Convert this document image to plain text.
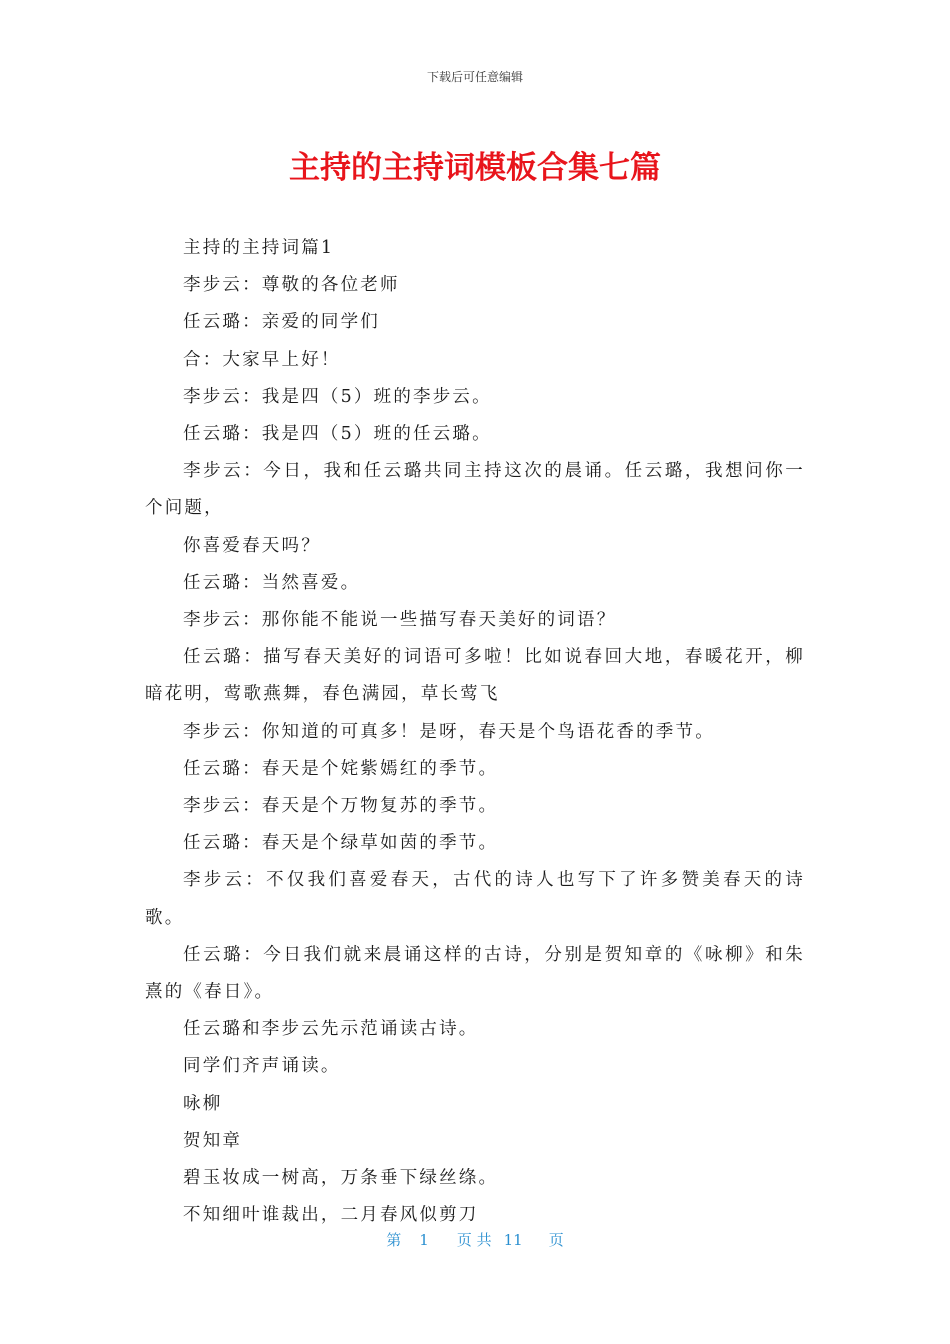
下载后可任意编辑
主持的主持词模板合集七篇

主持的主持词篇1

李步云：尊敬的各位老师

任云璐：亲爱的同学们

合：大家早上好！

李步云：我是四（5）班的李步云。

任云璐：我是四（5）班的任云璐。

李步云：今日，我和任云璐共同主持这次的晨诵。任云璐，我想问你一个问题，

你喜爱春天吗？

任云璐：当然喜爱。

李步云：那你能不能说一些描写春天美好的词语？

任云璐：描写春天美好的词语可多啦！比如说春回大地，春暖花开，柳暗花明，莺歌燕舞，春色满园，草长莺飞

李步云：你知道的可真多！是呀，春天是个鸟语花香的季节。

任云璐：春天是个姹紫嫣红的季节。

李步云：春天是个万物复苏的季节。

任云璐：春天是个绿草如茵的季节。

李步云：不仅我们喜爱春天，古代的诗人也写下了许多赞美春天的诗歌。

任云璐：今日我们就来晨诵这样的古诗，分别是贺知章的《咏柳》和朱熹的《春日》。

任云璐和李步云先示范诵读古诗。

同学们齐声诵读。

咏柳

贺知章

碧玉妆成一树高，万条垂下绿丝绦。

不知细叶谁裁出，二月春风似剪刀

第 1 页 共 11 页
